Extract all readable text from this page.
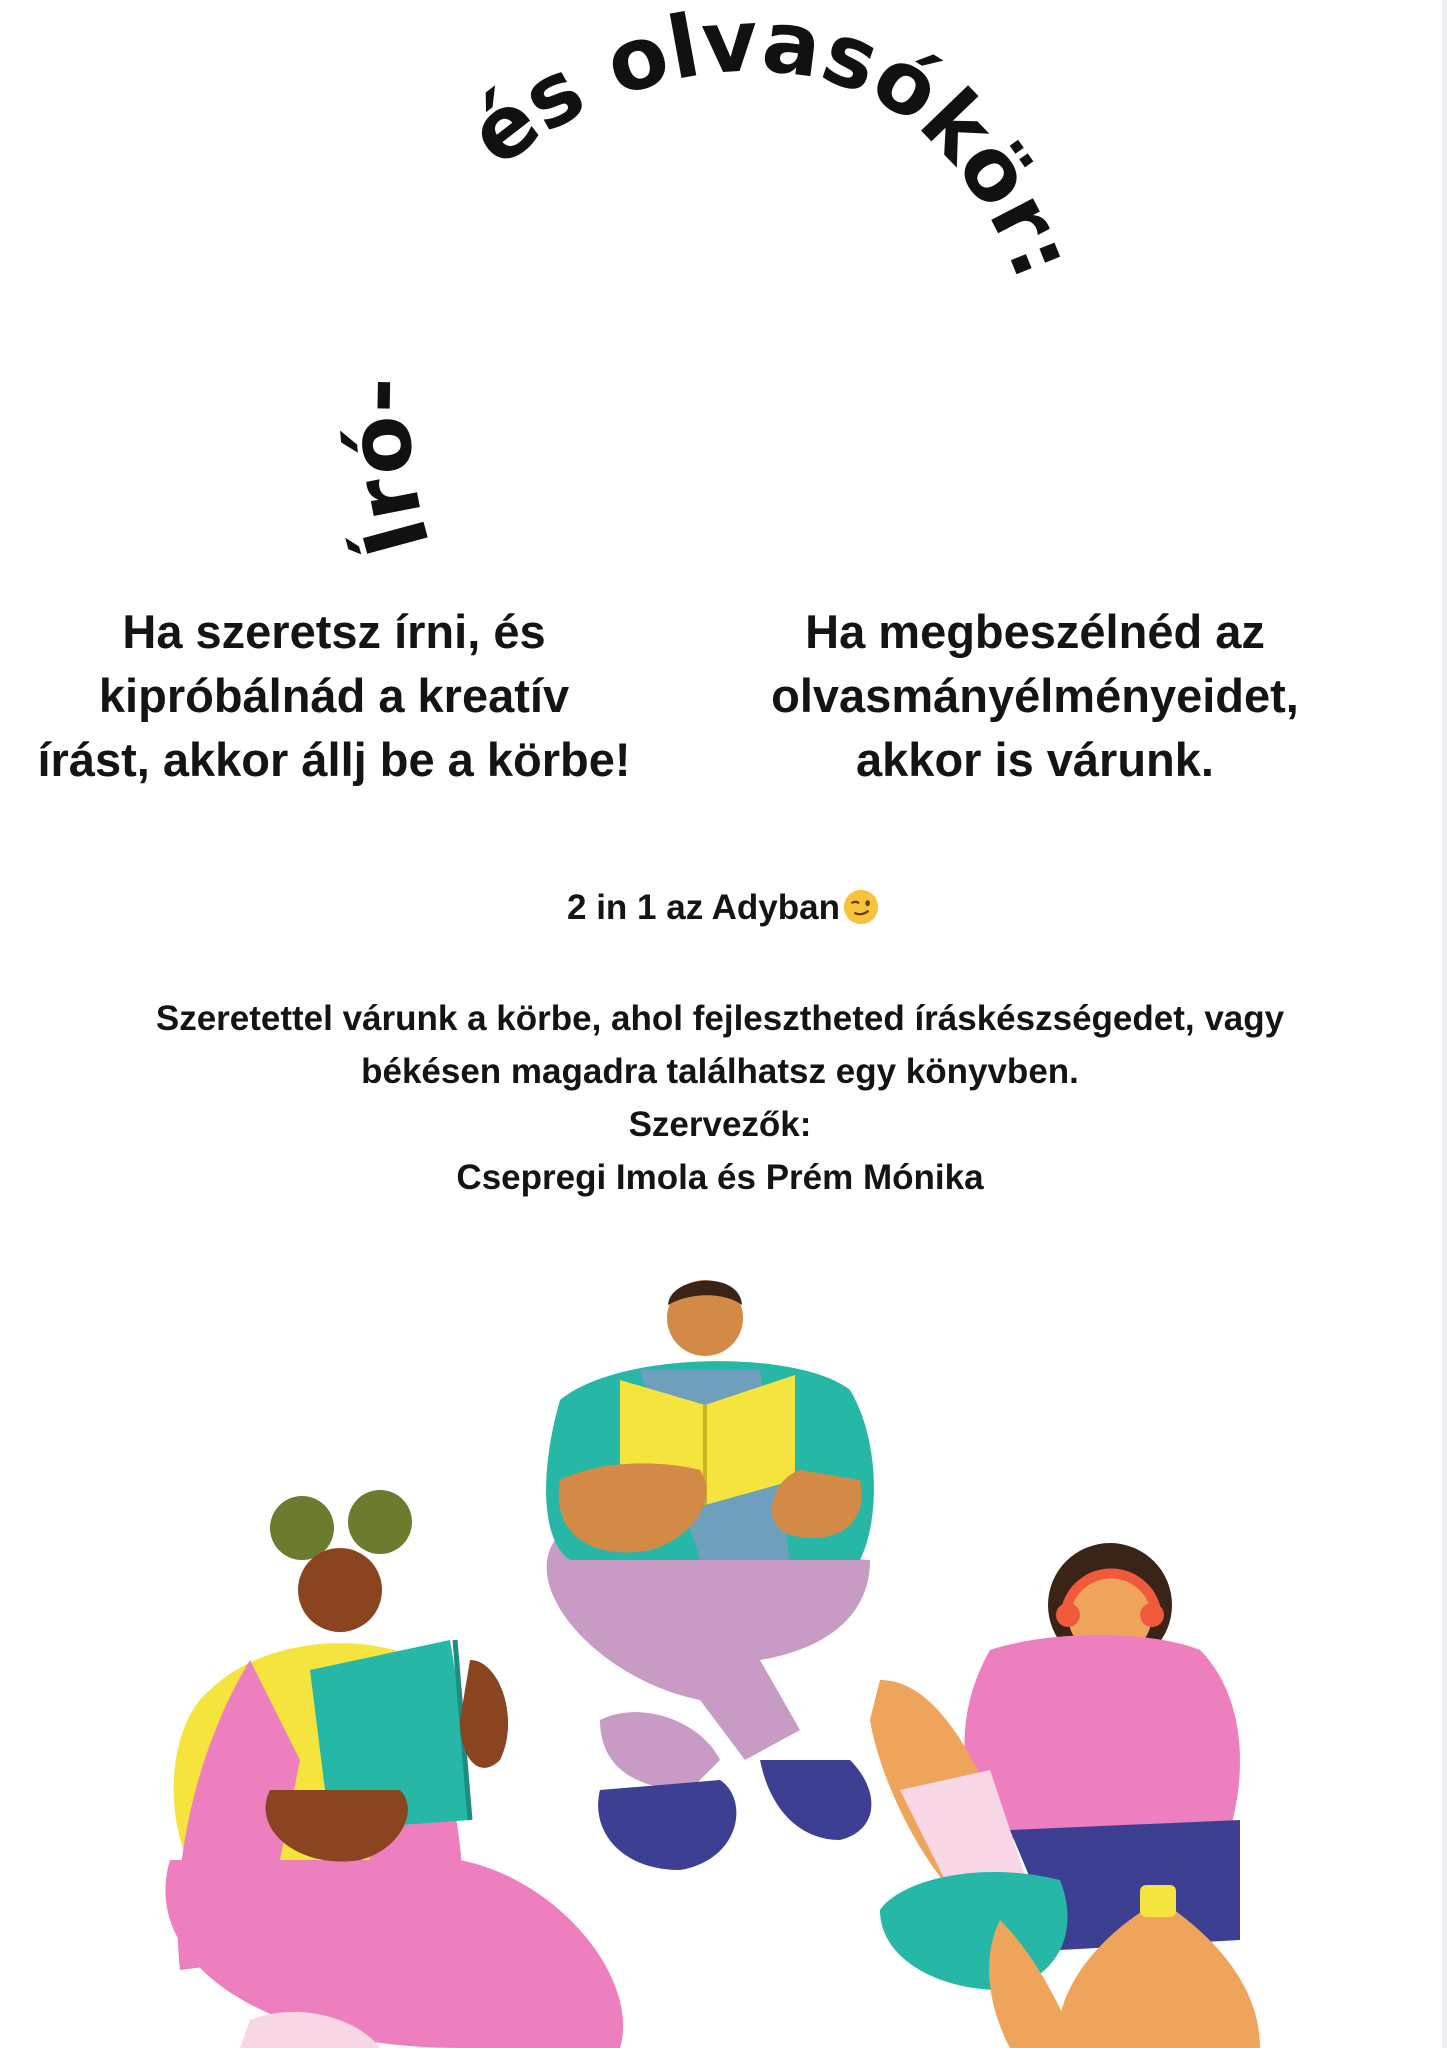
Író-
és olvasókör:
Ha szeretsz írni, és
kipróbálnád a kreatív
írást, akkor állj be a körbe!
Ha megbeszélnéd az
olvasmányélményeidet,
akkor is várunk.
2 in 1 az Adyban
Szeretettel várunk a körbe, ahol fejlesztheted íráskészségedet, vagy
békésen magadra találhatsz egy könyvben.
Szervezők:
Csepregi Imola és Prém Mónika
